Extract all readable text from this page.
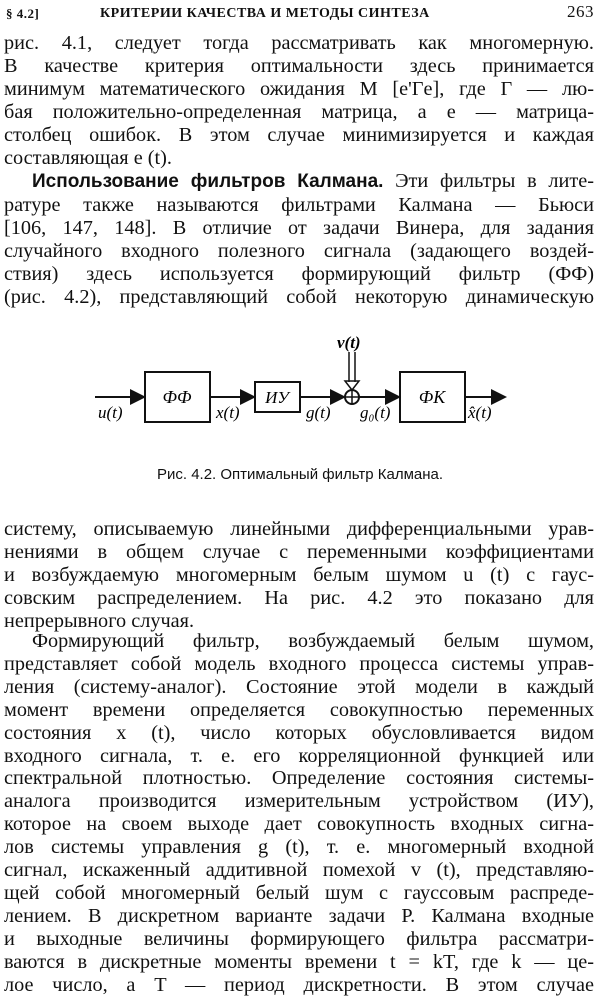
§ 4.2]	КРИТЕРИИ КАЧЕСТВА И МЕТОДЫ СИНТЕЗА	263
рис. 4.1, следует тогда рассматривать как многомерную.
В качестве критерия оптимальности здесь принимается
минимум математического ожидания M [e'Γe], где Γ — лю-
бая положительно-определенная матрица, а e — матрица-
столбец ошибок. В этом случае минимизируется и каждая
составляющая e (t).
Использование фильтров Калмана. Эти фильтры в лите-
ратуре также называются фильтрами Калмана — Бьюси
[106, 147, 148]. В отличие от задачи Винера, для задания
случайного входного полезного сигнала (задающего воздей-
ствия) здесь используется формирующий фильтр (ФФ)
(рис. 4.2), представляющий собой некоторую динамическую
ФФ	ИУ	ФК
u(t)	x(t)	g(t)
v(t)
g₀(t)	x̂(t)
Рис. 4.2. Оптимальный фильтр Калмана.
систему, описываемую линейными дифференциальными урав-
нениями в общем случае с переменными коэффициентами
и возбуждаемую многомерным белым шумом u (t) с гаус-
совским распределением. На рис. 4.2 это показано для
непрерывного случая.
Формирующий фильтр, возбуждаемый белым шумом,
представляет собой модель входного процесса системы управ-
ления (систему-аналог). Состояние этой модели в каждый
момент времени определяется совокупностью переменных
состояния x (t), число которых обусловливается видом
входного сигнала, т. е. его корреляционной функцией или
спектральной плотностью. Определение состояния системы-
аналога производится измерительным устройством (ИУ),
которое на своем выходе дает совокупность входных сигна-
лов системы управления g (t), т. е. многомерный входной
сигнал, искаженный аддитивной помехой v (t), представляю-
щей собой многомерный белый шум с гауссовым распреде-
лением. В дискретном варианте задачи Р. Калмана входные
и выходные величины формирующего фильтра рассматри-
ваются в дискретные моменты времени t = kT, где k — це-
лое число, а T — период дискретности. В этом случае
